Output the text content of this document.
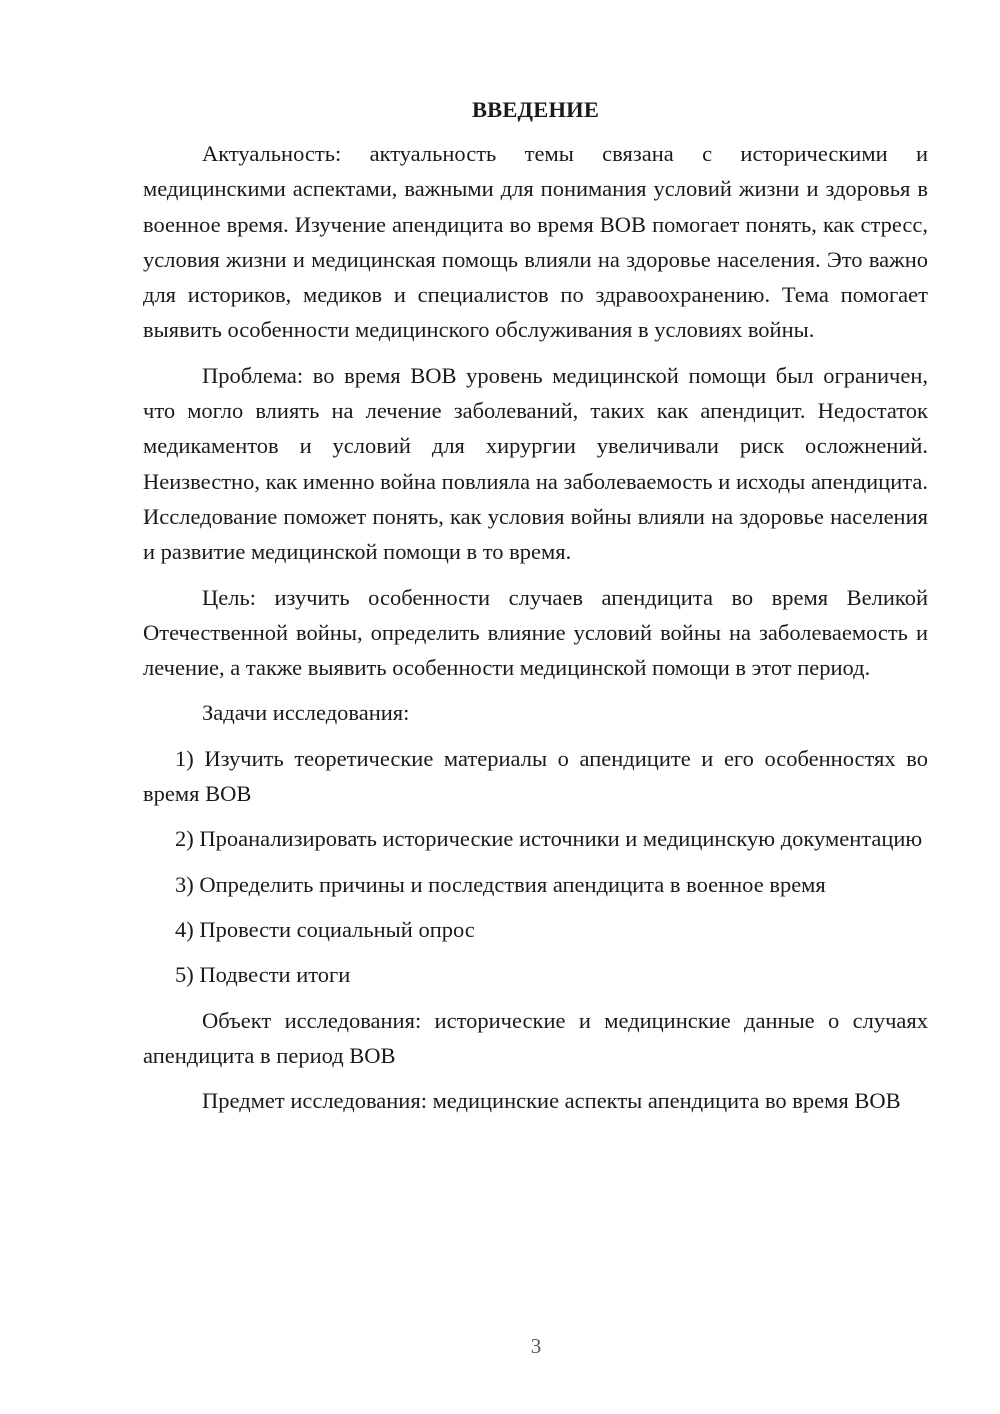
ВВЕДЕНИЕ

Актуальность: актуальность темы связана с историческими и медицинскими аспектами, важными для понимания условий жизни и здоровья в военное время. Изучение апендицита во время ВОВ помогает понять, как стресс, условия жизни и медицинская помощь влияли на здоровье населения. Это важно для историков, медиков и специалистов по здравоохранению. Тема помогает выявить особенности медицинского обслуживания в условиях войны.

Проблема: во время ВОВ уровень медицинской помощи был ограничен, что могло влиять на лечение заболеваний, таких как апендицит. Недостаток медикаментов и условий для хирургии увеличивали риск осложнений. Неизвестно, как именно война повлияла на заболеваемость и исходы апендицита. Исследование поможет понять, как условия войны влияли на здоровье населения и развитие медицинской помощи в то время.

Цель: изучить особенности случаев апендицита во время Великой Отечественной войны, определить влияние условий войны на заболеваемость и лечение, а также выявить особенности медицинской помощи в этот период.

Задачи исследования:

1) Изучить теоретические материалы о апендиците и его особенностях во время ВОВ

2) Проанализировать исторические источники и медицинскую документацию

3) Определить причины и последствия апендицита в военное время

4) Провести социальный опрос

5) Подвести итоги

Объект исследования: исторические и медицинские данные о случаях апендицита в период ВОВ

Предмет исследования: медицинские аспекты апендицита во время ВОВ

3
